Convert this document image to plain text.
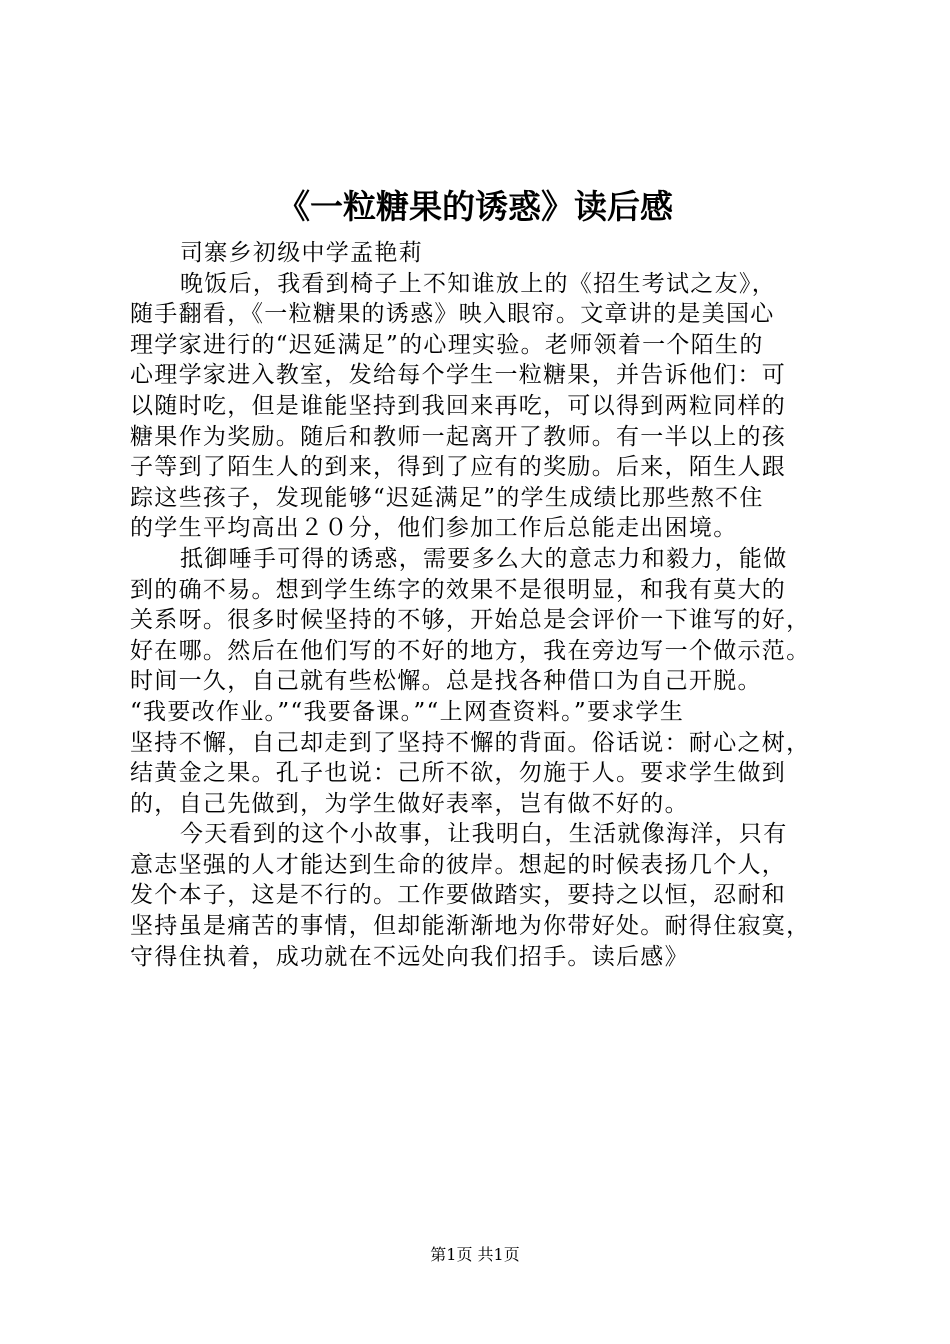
《一粒糖果的诱惑》读后感
司寨乡初级中学孟艳莉
晚饭后，我看到椅子上不知谁放上的《招生考试之友》，
随手翻看，《一粒糖果的诱惑》映入眼帘。文章讲的是美国心
理学家进行的“迟延满足”的心理实验。老师领着一个陌生的
心理学家进入教室，发给每个学生一粒糖果，并告诉他们：可
以随时吃，但是谁能坚持到我回来再吃，可以得到两粒同样的
糖果作为奖励。随后和教师一起离开了教师。有一半以上的孩
子等到了陌生人的到来，得到了应有的奖励。后来，陌生人跟
踪这些孩子，发现能够“迟延满足”的学生成绩比那些熬不住
的学生平均高出２０分，他们参加工作后总能走出困境。
抵御唾手可得的诱惑，需要多么大的意志力和毅力，能做
到的确不易。想到学生练字的效果不是很明显，和我有莫大的
关系呀。很多时候坚持的不够，开始总是会评价一下谁写的好，
好在哪。然后在他们写的不好的地方，我在旁边写一个做示范。
时间一久，自己就有些松懈。总是找各种借口为自己开脱。
“我要改作业。”“我要备课。”“上网查资料。”要求学生
坚持不懈，自己却走到了坚持不懈的背面。俗话说：耐心之树，
结黄金之果。孔子也说：己所不欲，勿施于人。要求学生做到
的，自己先做到，为学生做好表率，岂有做不好的。
今天看到的这个小故事，让我明白，生活就像海洋，只有
意志坚强的人才能达到生命的彼岸。想起的时候表扬几个人，
发个本子，这是不行的。工作要做踏实，要持之以恒，忍耐和
坚持虽是痛苦的事情，但却能渐渐地为你带好处。耐得住寂寞，
守得住执着，成功就在不远处向我们招手。读后感》
第1页 共1页
